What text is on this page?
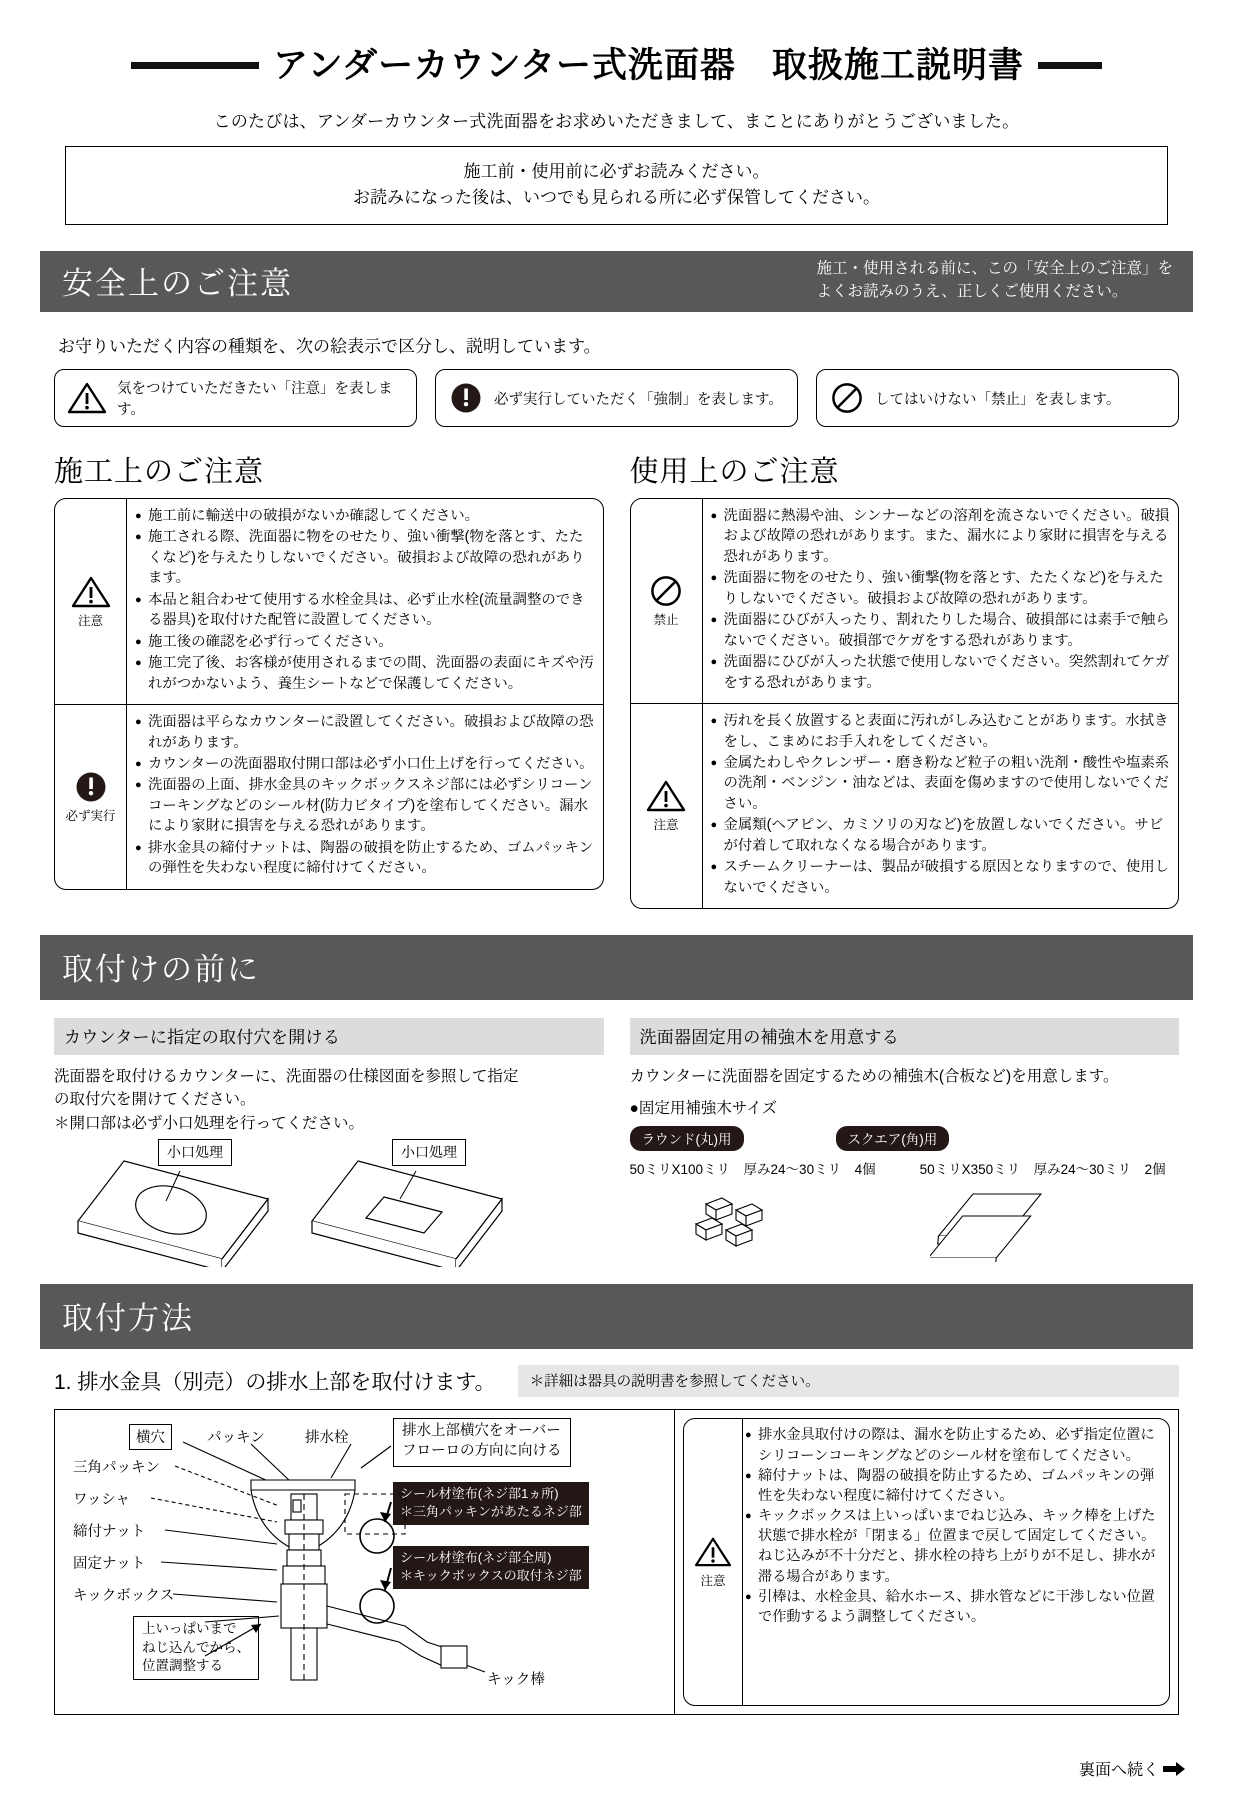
アンダーカウンター式洗面器　取扱施工説明書
このたびは、アンダーカウンター式洗面器をお求めいただきまして、まことにありがとうございました。
施工前・使用前に必ずお読みください。
お読みになった後は、いつでも見られる所に必ず保管してください。
安全上のご注意	施工・使用される前に、この「安全上のご注意」を
よくお読みのうえ、正しくご使用ください。
お守りいただく内容の種類を、次の絵表示で区分し、説明しています。
気をつけていただきたい「注意」を表します。
必ず実行していただく「強制」を表します。	してはいけない「禁止」を表します。
施工上のご注意
注意
● 施工前に輸送中の破損がないか確認してください。
● 施工される際、洗面器に物をのせたり、強い衝撃(物を落とす、たたくなど)を与えたりしないでください。破損および故障の恐れがあります。
● 本品と組合わせて使用する水栓金具は、必ず止水栓(流量調整のできる器具)を取付けた配管に設置してください。
● 施工後の確認を必ず行ってください。
● 施工完了後、お客様が使用されるまでの間、洗面器の表面にキズや汚れがつかないよう、養生シートなどで保護してください。
必ず実行
● 洗面器は平らなカウンターに設置してください。破損および故障の恐れがあります。
● カウンターの洗面器取付開口部は必ず小口仕上げを行ってください。
● 洗面器の上面、排水金具のキックボックスネジ部には必ずシリコーンコーキングなどのシール材(防力ビタイプ)を塗布してください。漏水により家財に損害を与える恐れがあります。
● 排水金具の締付ナットは、陶器の破損を防止するため、ゴムパッキンの弾性を失わない程度に締付けてください。
使用上のご注意
禁止
● 洗面器に熱湯や油、シンナーなどの溶剤を流さないでください。破損および故障の恐れがあります。また、漏水により家財に損害を与える恐れがあります。
● 洗面器に物をのせたり、強い衝撃(物を落とす、たたくなど)を与えたりしないでください。破損および故障の恐れがあります。
● 洗面器にひびが入ったり、割れたりした場合、破損部には素手で触らないでください。破損部でケガをする恐れがあります。
● 洗面器にひびが入った状態で使用しないでください。突然割れてケガをする恐れがあります。
注意
● 汚れを長く放置すると表面に汚れがしみ込むことがあります。水拭きをし、こまめにお手入れをしてください。
● 金属たわしやクレンザー・磨き粉など粒子の粗い洗剤・酸性や塩素系の洗剤・ベンジン・油などは、表面を傷めますので使用しないでください。
● 金属類(ヘアピン、カミソリの刃など)を放置しないでください。サビが付着して取れなくなる場合があります。
● スチームクリーナーは、製品が破損する原因となりますので、使用しないでください。
取付けの前に
カウンターに指定の取付穴を開ける
洗面器を取付けるカウンターに、洗面器の仕様図面を参照して指定
の取付穴を開けてください。
＊開口部は必ず小口処理を行ってください。
小口処理	小口処理
洗面器固定用の補強木を用意する
カウンターに洗面器を固定するための補強木(合板など)を用意します。
●固定用補強木サイズ
ラウンド(丸)用	スクエア(角)用
50ミリX100ミリ　厚み24〜30ミリ　4個	50ミリX350ミリ　厚み24〜30ミリ　2個
取付方法
1. 排水金具（別売）の排水上部を取付けます。	＊詳細は器具の説明書を参照してください。
横穴	パッキン	排水栓
三角パッキン
ワッシャ
締付ナット
固定ナット
キックボックス
キック棒
上いっぱいまで
ねじ込んでから、
位置調整する
排水上部横穴をオーバー
フローロの方向に向ける
シール材塗布(ネジ部1ヵ所)
＊三角パッキンがあたるネジ部
シール材塗布(ネジ部全周)
＊キックボックスの取付ネジ部	注意
● 排水金具取付けの際は、漏水を防止するため、必ず指定位置にシリコーンコーキングなどのシール材を塗布してください。
● 締付ナットは、陶器の破損を防止するため、ゴムパッキンの弾性を失わない程度に締付けてください。
● キックボックスは上いっぱいまでねじ込み、キック棒を上げた状態で排水栓が「閉まる」位置まで戻して固定してください。ねじ込みが不十分だと、排水栓の持ち上がりが不足し、排水が滞る場合があります。
● 引棒は、水栓金具、給水ホース、排水管などに干渉しない位置で作動するよう調整してください。
裏面へ続く
